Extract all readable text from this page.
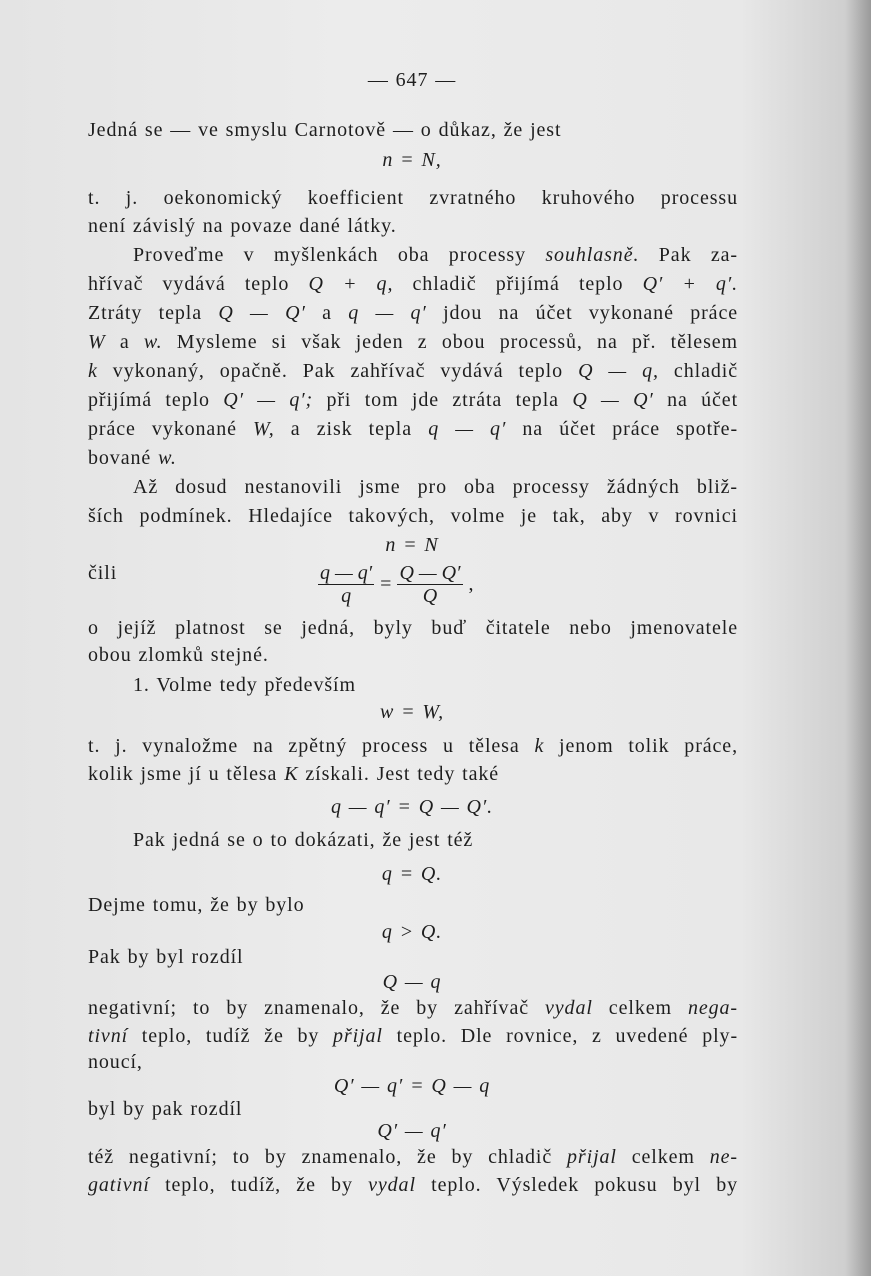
— 647 —
Jedná se — ve smyslu Carnotově — o důkaz, že jest
n = N,
t. j. oekonomický koefficient zvratného kruhového processu
není závislý na povaze dané látky.
Proveďme v myšlenkách oba processy souhlasně. Pak za-
hřívač vydává teplo Q + q, chladič přijímá teplo Q′ + q′.
Ztráty tepla Q — Q′ a q — q′ jdou na účet vykonané práce
W a w. Mysleme si však jeden z obou processů, na př. tělesem
k vykonaný, opačně. Pak zahřívač vydává teplo Q — q, chladič
přijímá teplo Q′ — q′; při tom jde ztráta tepla Q — Q′ na účet
práce vykonané W, a zisk tepla q — q′ na účet práce spotře-
bované w.
Až dosud nestanovili jsme pro oba processy žádných bliž-
ších podmínek. Hledajíce takových, volme je tak, aby v rovnici
n = N
čili
o jejíž platnost se jedná, byly buď čitatele nebo jmenovatele
obou zlomků stejné.
1. Volme tedy především
w = W,
t. j. vynaložme na zpětný process u tělesa k jenom tolik práce,
kolik jsme jí u tělesa K získali. Jest tedy také
q — q′ = Q — Q′.
Pak jedná se o to dokázati, že jest též
q = Q.
Dejme tomu, že by bylo
q > Q.
Pak by byl rozdíl
Q — q
negativní; to by znamenalo, že by zahřívač vydal celkem nega-
tivní teplo, tudíž že by přijal teplo. Dle rovnice, z uvedené ply-
noucí,
Q′ — q′ = Q — q
byl by pak rozdíl
Q′ — q′
též negativní; to by znamenalo, že by chladič přijal celkem ne-
gativní teplo, tudíž, že by vydal teplo. Výsledek pokusu byl by
$\frac{q — q'}{q} = \frac{Q — Q'}{Q}$ ,
